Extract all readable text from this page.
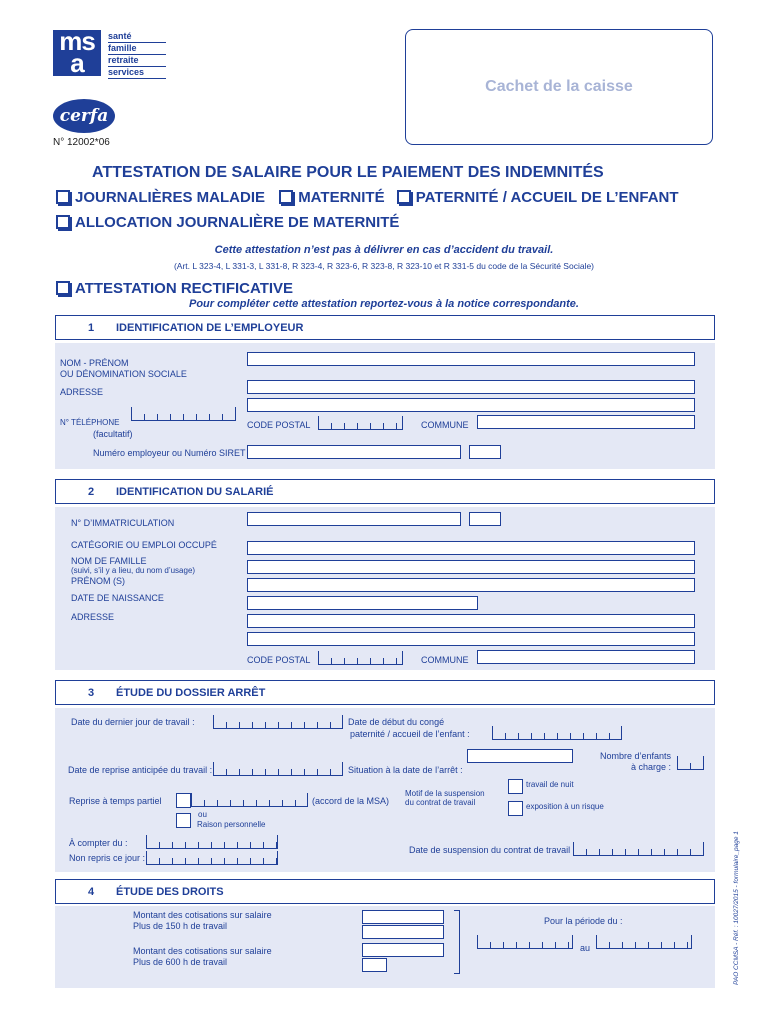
msa
santé
famille
retraite
services
cerfa
N° 12002*06
Cachet de la caisse
ATTESTATION DE SALAIRE POUR LE PAIEMENT DES INDEMNITÉS
JOURNALIÈRES MALADIE MATERNITÉ PATERNITÉ / ACCUEIL DE L’ENFANT
ALLOCATION JOURNALIÈRE DE MATERNITÉ
Cette attestation n’est pas à délivrer en cas d’accident du travail.
(Art. L 323-4, L 331-3, L 331-8, R 323-4, R 323-6, R 323-8, R 323-10 et R 331-5 du code de la Sécurité Sociale)
ATTESTATION RECTIFICATIVE
Pour compléter cette attestation reportez-vous à la notice correspondante.
1 IDENTIFICATION DE L’EMPLOYEUR
NOM - PRÉNOM
OU DÉNOMINATION SOCIALE
ADRESSE
N° TÉLÉPHONE
(facultatif)
CODE POSTAL	COMMUNE
Numéro employeur ou Numéro SIRET
2 IDENTIFICATION DU SALARIÉ
N° D’IMMATRICULATION
CATÉGORIE OU EMPLOI OCCUPÉ
NOM DE FAMILLE
(suivi, s’il y a lieu, du nom d’usage)
PRÉNOM (S)
DATE DE NAISSANCE
ADRESSE
CODE POSTAL	COMMUNE
3 ÉTUDE DU DOSSIER ARRÊT
Date du dernier jour de travail :	Date de début du congé
paternité / accueil de l’enfant :
Nombre d’enfants
à charge :
Date de reprise anticipée du travail :	Situation à la date de l’arrêt :
Reprise à temps partiel	(accord de la MSA)
ou
Raison personnelle
Motif de la suspension
du contrat de travail
travail de nuit
exposition à un risque
À compter du :
Non repris ce jour :
Date de suspension du contrat de travail
4 ÉTUDE DES DROITS
Montant des cotisations sur salaire
Plus de 150 h de travail
Montant des cotisations sur salaire
Plus de 600 h de travail
Pour la période du :
au	PAO CCMSA - Réf. : 10027/2015 - formulaire_page 1
